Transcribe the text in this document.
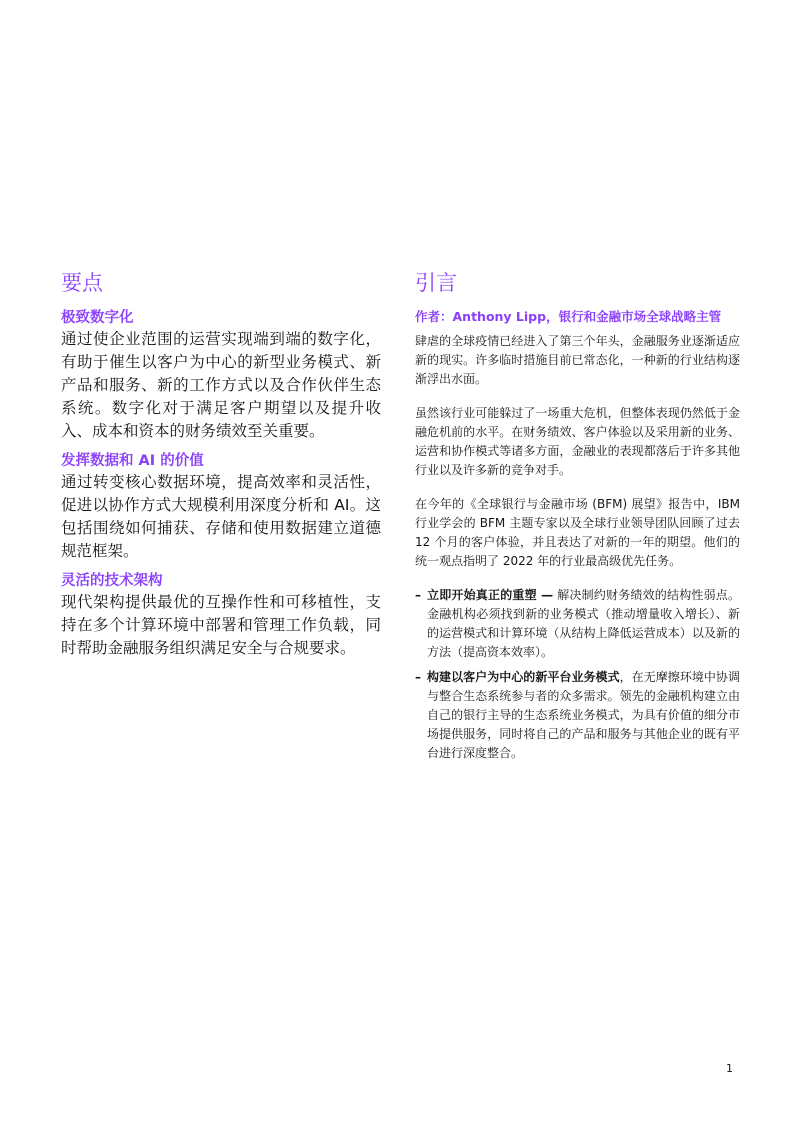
要点

极致数字化

通过使企业范围的运营实现端到端的数字化，有助于催生以客户为中心的新型业务模式、新产品和服务、新的工作方式以及合作伙伴生态系统。数字化对于满足客户期望以及提升收入、成本和资本的财务绩效至关重要。

发挥数据和 AI 的价值

通过转变核心数据环境，提高效率和灵活性，促进以协作方式大规模利用深度分析和 AI。这包括围绕如何捕获、存储和使用数据建立道德规范框架。

灵活的技术架构

现代架构提供最优的互操作性和可移植性，支持在多个计算环境中部署和管理工作负载，同时帮助金融服务组织满足安全与合规要求。

引言

作者：Anthony Lipp，银行和金融市场全球战略主管

肆虐的全球疫情已经进入了第三个年头，金融服务业逐渐适应新的现实。许多临时措施目前已常态化，一种新的行业结构逐渐浮出水面。

虽然该行业可能躲过了一场重大危机，但整体表现仍然低于金融危机前的水平。在财务绩效、客户体验以及采用新的业务、运营和协作模式等诸多方面，金融业的表现都落后于许多其他行业以及许多新的竞争对手。

在今年的《全球银行与金融市场 (BFM) 展望》报告中，IBM 行业学会的 BFM 主题专家以及全球行业领导团队回顾了过去 12 个月的客户体验，并且表达了对新的一年的期望。他们的统一观点指明了 2022 年的行业最高级优先任务。

– 立即开始真正的重塑 — 解决制约财务绩效的结构性弱点。金融机构必须找到新的业务模式（推动增量收入增长）、新的运营模式和计算环境（从结构上降低运营成本）以及新的方法（提高资本效率）。
– 构建以客户为中心的新平台业务模式，在无摩擦环境中协调与整合生态系统参与者的众多需求。领先的金融机构建立由自己的银行主导的生态系统业务模式，为具有价值的细分市场提供服务，同时将自己的产品和服务与其他企业的既有平台进行深度整合。
1
